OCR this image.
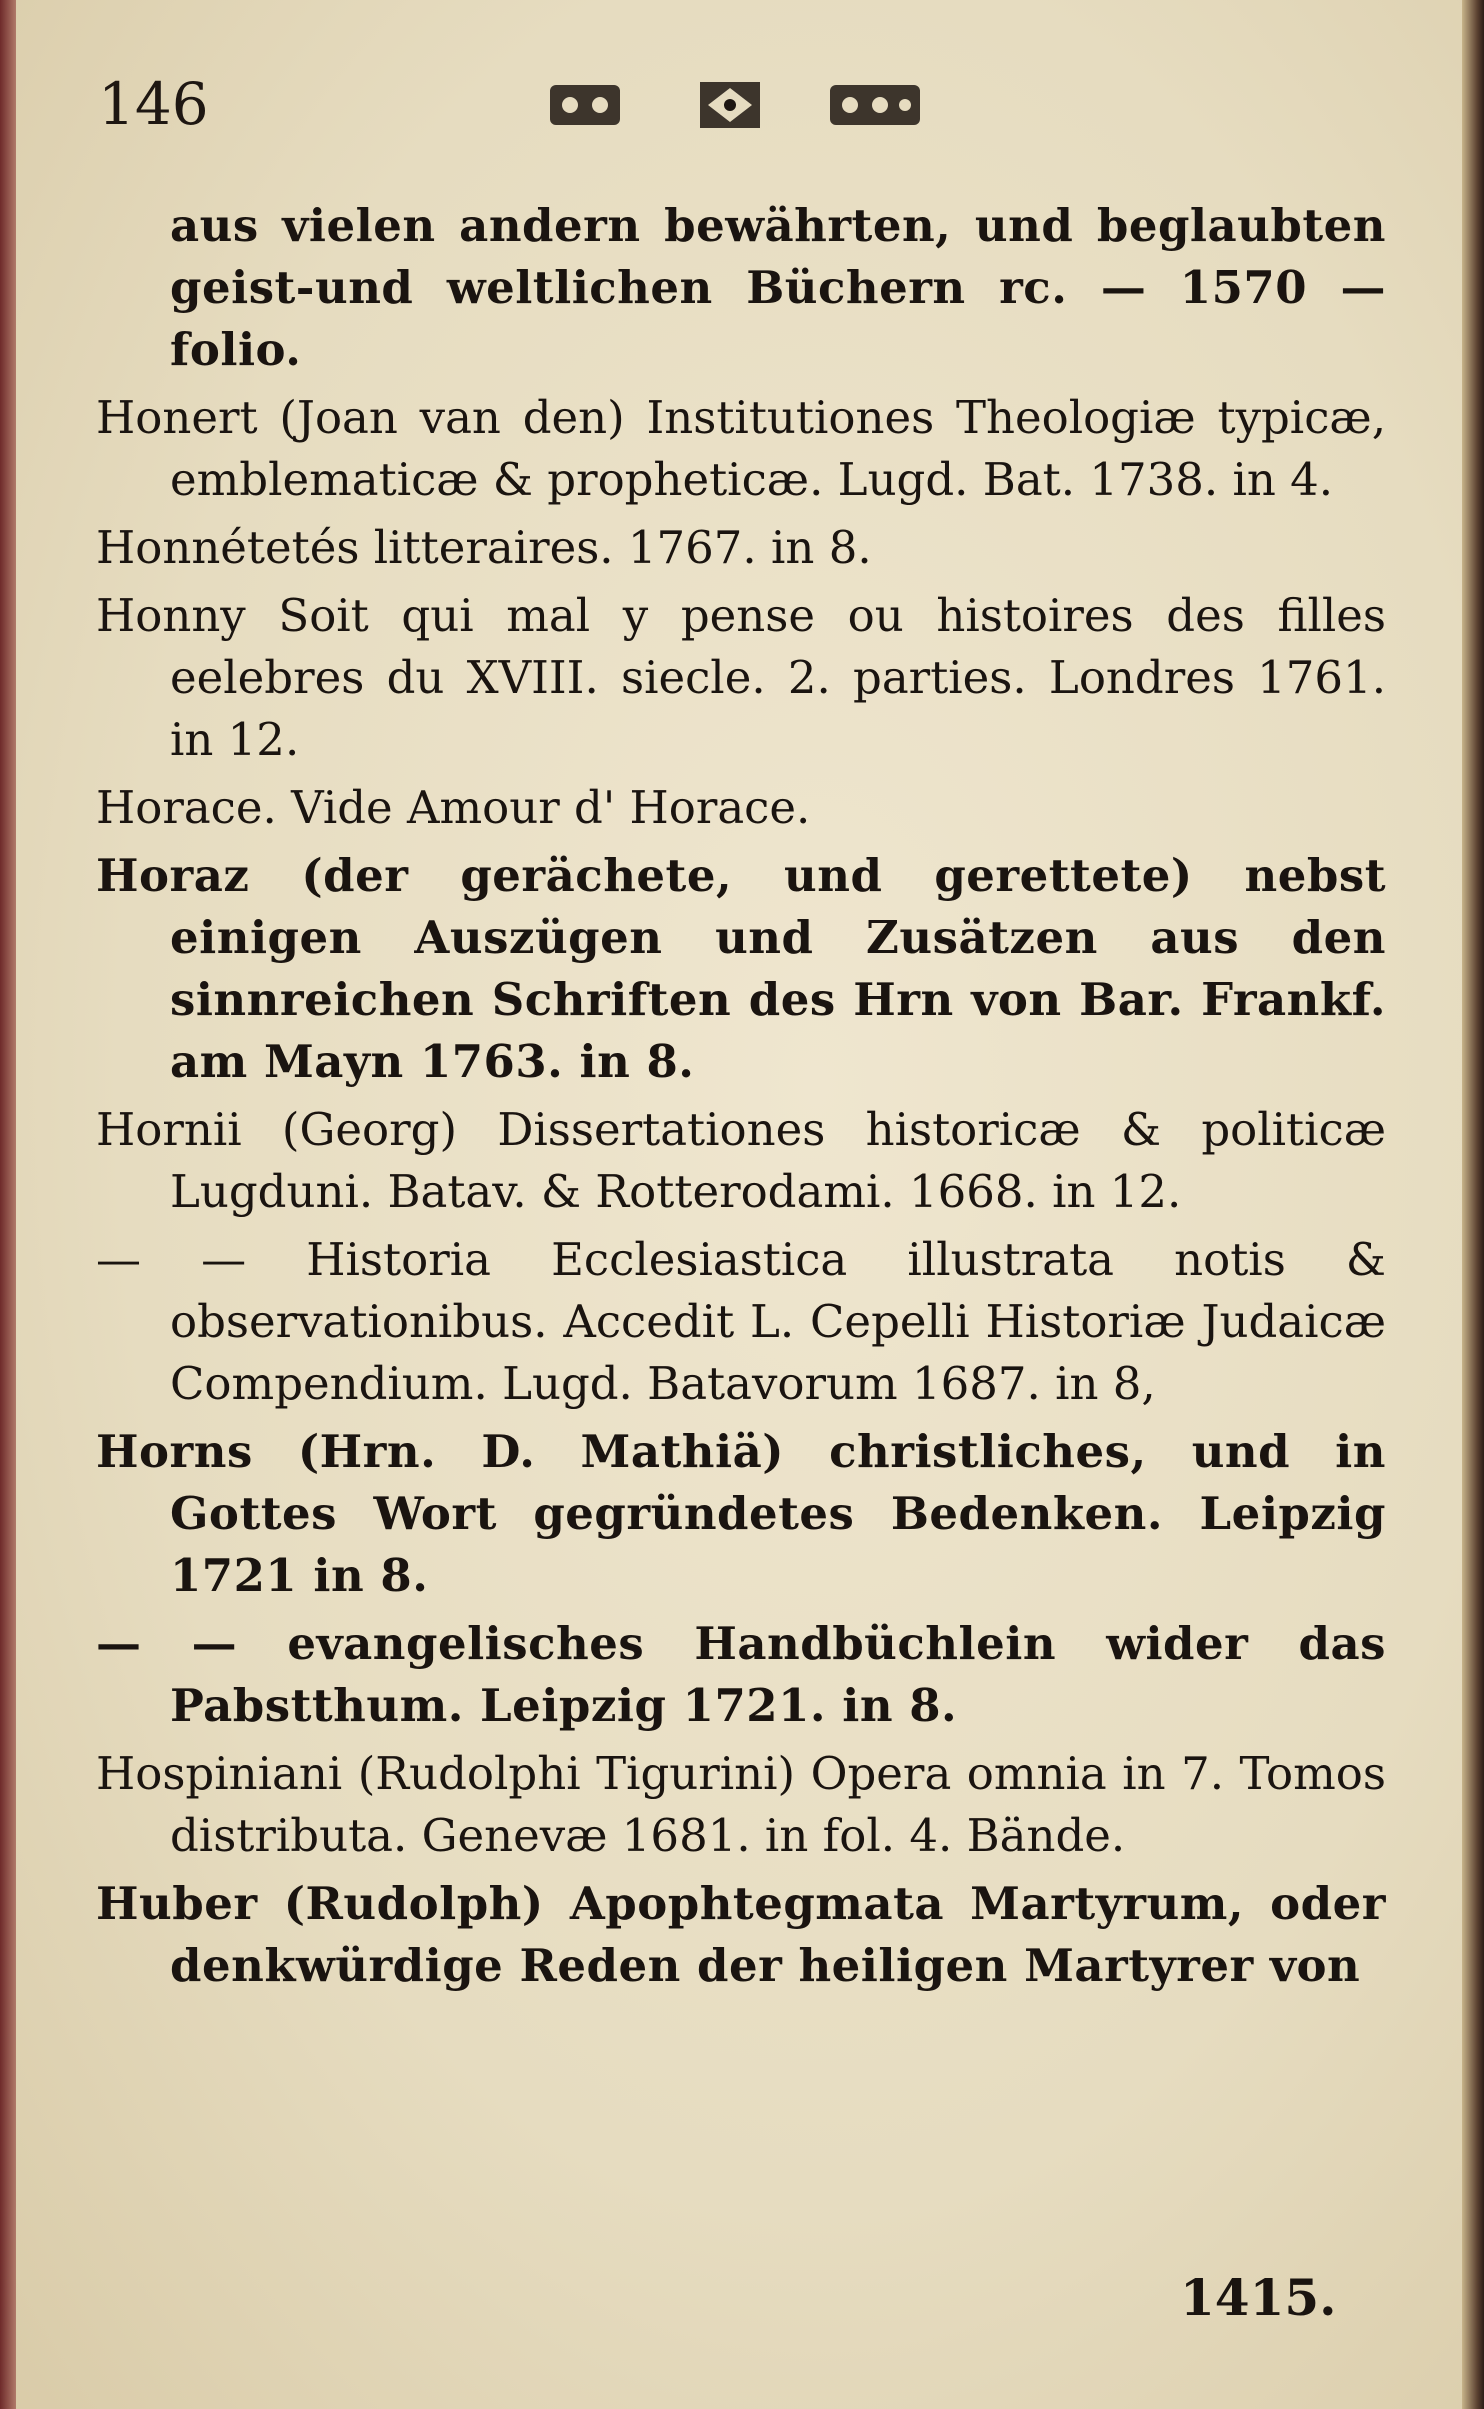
146

aus vielen andern bewährten, und beglaubten geist-und weltlichen Büchern rc. — 1570 — folio.

Honert (Joan van den) Institutiones Theologiæ typicæ, emblematicæ & propheticæ. Lugd. Bat. 1738. in 4.

Honnétetés litteraires. 1767. in 8.

Honny Soit qui mal y pense ou histoires des filles eelebres du XVIII. siecle. 2. parties. Londres 1761. in 12.

Horace. Vide Amour d' Horace.

Horaz (der gerächete, und gerettete) nebst einigen Auszügen und Zusätzen aus den sinnreichen Schriften des Hrn von Bar. Frankf. am Mayn 1763. in 8.

Hornii (Georg) Dissertationes historicæ & politicæ Lugduni. Batav. & Rotterodami. 1668. in 12.

— — Historia Ecclesiastica illustrata notis & observationibus. Accedit L. Cepelli Historiæ Judaicæ Compendium. Lugd. Batavorum 1687. in 8,

Horns (Hrn. D. Mathiä) christliches, und in Gottes Wort gegründetes Bedenken. Leipzig 1721 in 8.

— — evangelisches Handbüchlein wider das Pabstthum. Leipzig 1721. in 8.

Hospiniani (Rudolphi Tigurini) Opera omnia in 7. Tomos distributa. Genevæ 1681. in fol. 4. Bände.

Huber (Rudolph) Apophtegmata Martyrum, oder denkwürdige Reden der heiligen Martyrer von

1415.
